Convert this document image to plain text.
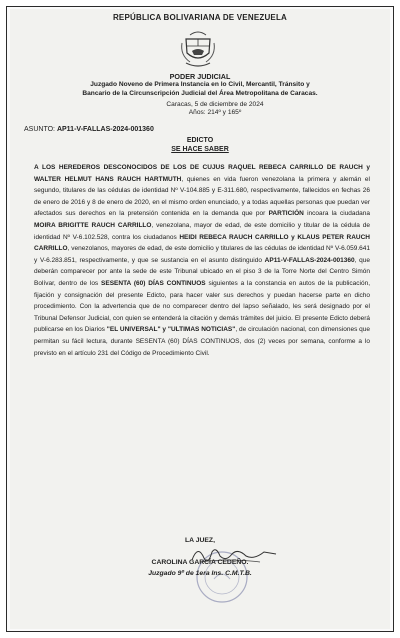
REPÚBLICA BOLIVARIANA DE VENEZUELA
PODER JUDICIAL
Juzgado Noveno de Primera Instancia en lo Civil, Mercantil, Tránsito y
Bancario de la Circunscripción Judicial del Área Metropolitana de Caracas.
Caracas, 5 de diciembre de 2024
Años: 214º y 165º
ASUNTO: AP11-V-FALLAS-2024-001360
EDICTO
SE HACE SABER
A LOS HEREDEROS DESCONOCIDOS DE LOS DE CUJUS RAQUEL REBECA CARRILLO DE RAUCH y WALTER HELMUT HANS RAUCH HARTMUTH, quienes en vida fueron venezolana la primera y alemán el segundo, titulares de las cédulas de identidad Nº V-104.885 y E-311.680, respectivamente, fallecidos en fechas 26 de enero de 2016 y 8 de enero de 2020, en el mismo orden enunciado, y a todas aquellas personas que puedan ver afectados sus derechos en la pretensión contenida en la demanda que por PARTICIÓN incoara la ciudadana MOIRA BRIGITTE RAUCH CARRILLO, venezolana, mayor de edad, de este domicilio y titular de la cédula de identidad Nº V-6.102.528, contra los ciudadanos HEIDI REBECA RAUCH CARRILLO y KLAUS PETER RAUCH CARRILLO, venezolanos, mayores de edad, de este domicilio y titulares de las cédulas de identidad Nº V-6.059.641 y V-6.283.851, respectivamente, y que se sustancia en el asunto distinguido AP11-V-FALLAS-2024-001360, que deberán comparecer por ante la sede de este Tribunal ubicado en el piso 3 de la Torre Norte del Centro Simón Bolívar, dentro de los SESENTA (60) DÍAS CONTINUOS siguientes a la constancia en autos de la publicación, fijación y consignación del presente Edicto, para hacer valer sus derechos y puedan hacerse parte en dicho procedimiento. Con la advertencia que de no comparecer dentro del lapso señalado, les será designado por el Tribunal Defensor Judicial, con quien se entenderá la citación y demás trámites del juicio. El presente Edicto deberá publicarse en los Diarios "EL UNIVERSAL" y "ULTIMAS NOTICIAS", de circulación nacional, con dimensiones que permitan su fácil lectura, durante SESENTA (60) DÍAS CONTINUOS, dos (2) veces por semana, conforme a lo previsto en el artículo 231 del Código de Procedimiento Civil.
LA JUEZ,
CAROLINA GARCÍA CEDEÑO.
Juzgado 9º de 1era Ins. C.M.T.B.
